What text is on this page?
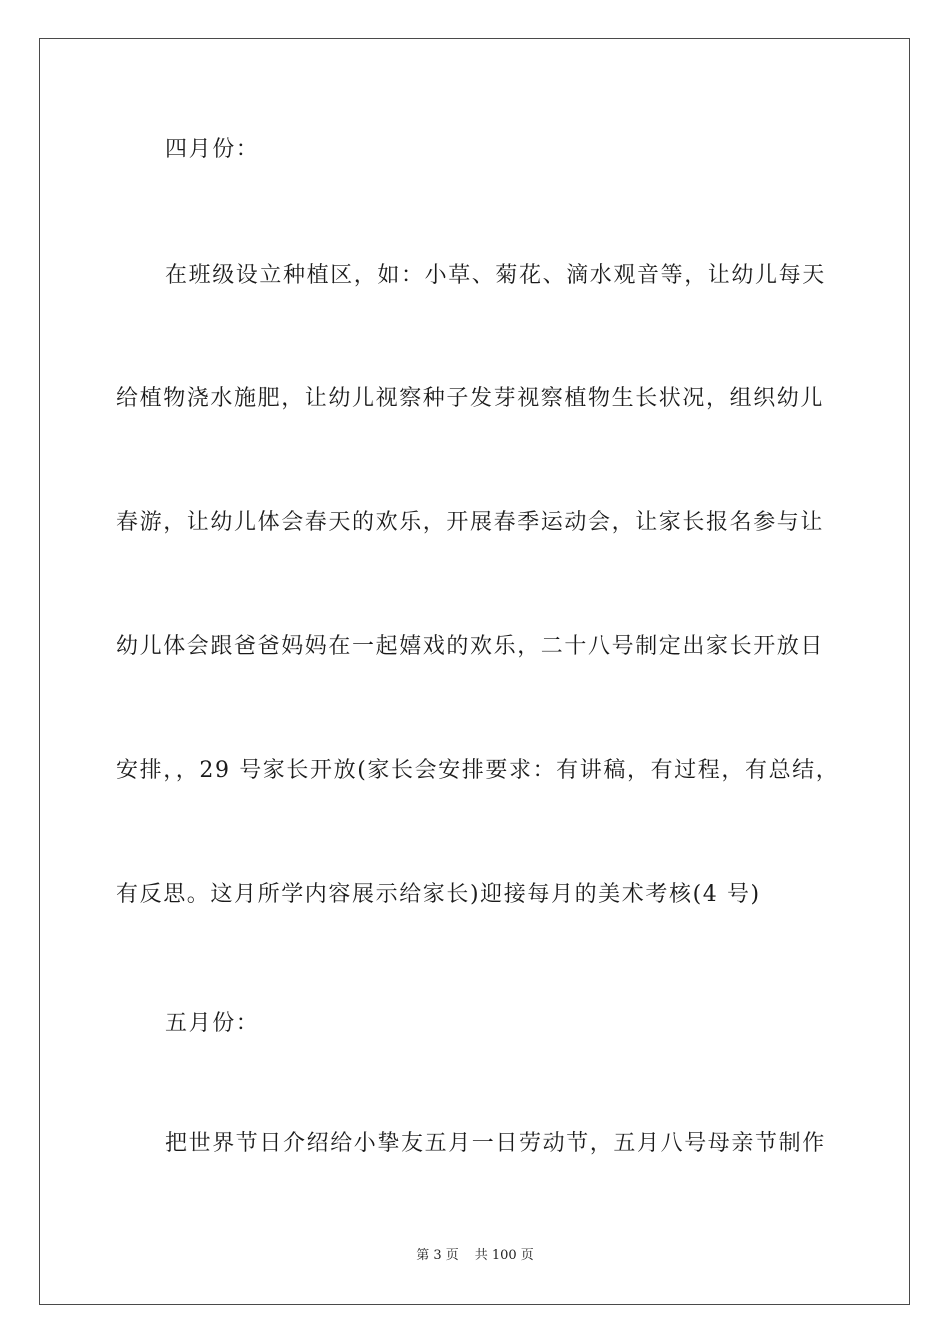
四月份：
在班级设立种植区，如：小草、菊花、滴水观音等，让幼儿每天
给植物浇水施肥，让幼儿视察种子发芽视察植物生长状况，组织幼儿
春游，让幼儿体会春天的欢乐，开展春季运动会，让家长报名参与让
幼儿体会跟爸爸妈妈在一起嬉戏的欢乐，二十八号制定出家长开放日
安排，，29 号家长开放(家长会安排要求：有讲稿，有过程，有总结，
有反思。这月所学内容展示给家长)迎接每月的美术考核(4 号)
五月份：
把世界节日介绍给小挚友五月一日劳动节，五月八号母亲节制作
第 3 页 共 100 页
